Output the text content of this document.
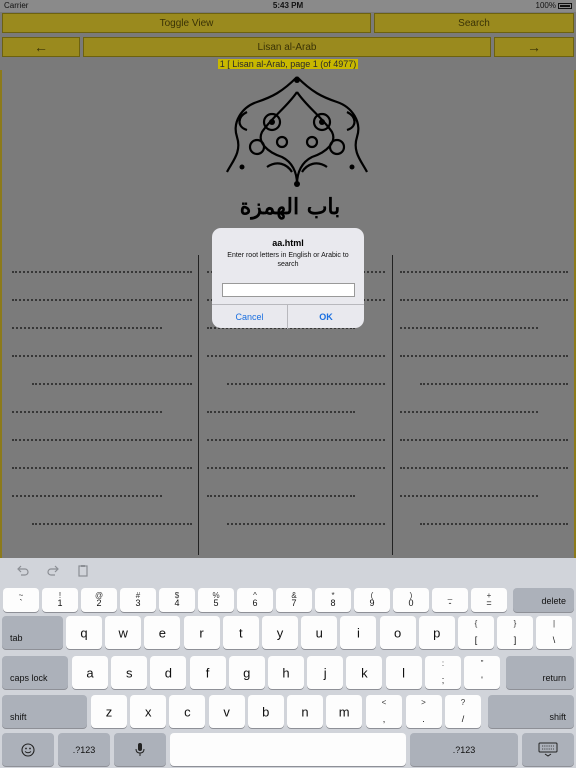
Carrier	5:43 PM	100%
Toggle View	Search
←	Lisan al-Arab	→
1 [ Lisan al-Arab, page 1 (of 4977)
باب الهمزة
aa.html
Enter root letters in English or Arabic to search
Cancel	OK
delete
tab
caps lock	return
shift	shift
.?123	.?123
~
`
!
1
@
2
#
3
$
4
%
5
^
6
&
7
*
8
(
9
)
0
_
-
+
=
q	w	e	r	t	y	u	i	o	p
{
[
}
]
|
\
a	s	d	f	g	h	j	k	l
:
;
"
'
z	x	c	v	b	n	m
<
,
>
.
?
/
